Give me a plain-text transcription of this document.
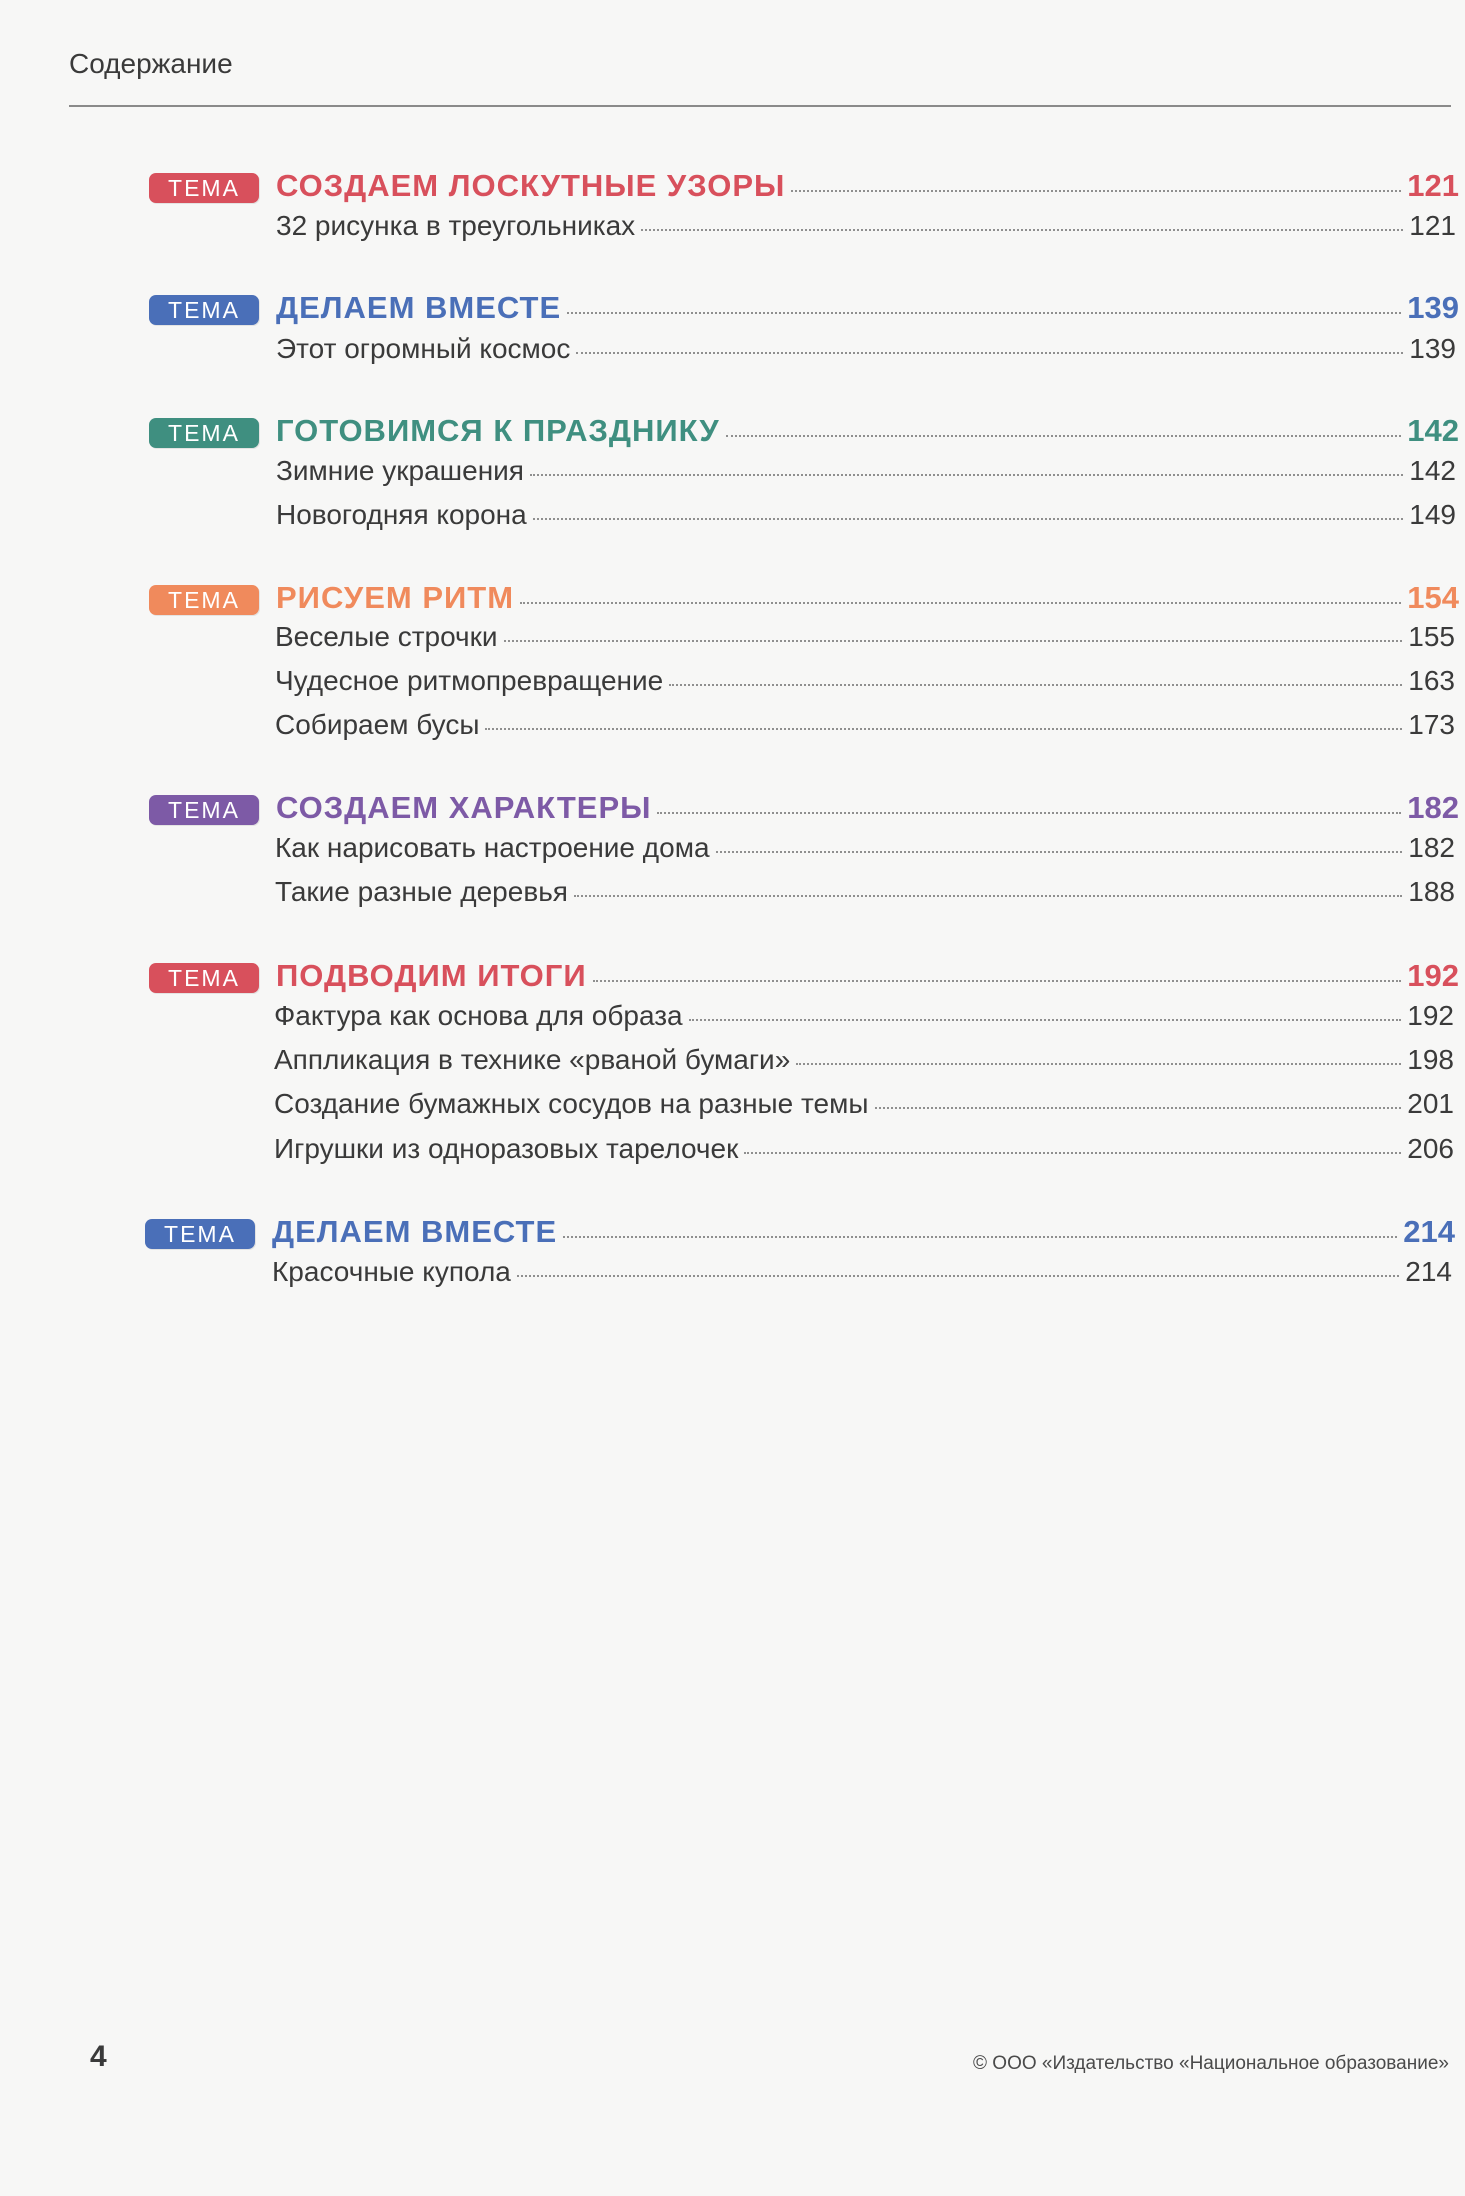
Содержание
ТЕМА	СОЗДАЕМ ЛОСКУТНЫЕ УЗОРЫ	121
32 рисунка в треугольниках	121
ТЕМА	ДЕЛАЕМ ВМЕСТЕ	139
Этот огромный космос	139
ТЕМА	ГОТОВИМСЯ К ПРАЗДНИКУ	142
Зимние украшения	142
Новогодняя корона	149
ТЕМА	РИСУЕМ РИТМ	154
Веселые строчки	155
Чудесное ритмопревращение	163
Собираем бусы	173
ТЕМА	СОЗДАЕМ ХАРАКТЕРЫ	182
Как нарисовать настроение дома	182
Такие разные деревья	188
ТЕМА	ПОДВОДИМ ИТОГИ	192
Фактура как основа для образа	192
Аппликация в технике «рваной бумаги»	198
Создание бумажных сосудов на разные темы	201
Игрушки из одноразовых тарелочек	206
ТЕМА	ДЕЛАЕМ ВМЕСТЕ	214
Красочные купола	214
4	© ООО «Издательство «Национальное образование»
